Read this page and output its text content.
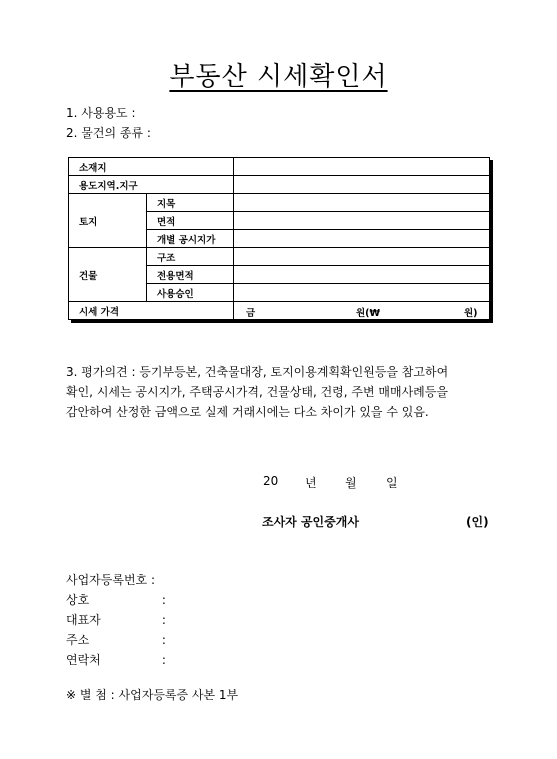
부동산 시세확인서
1. 사용용도 :
2. 물건의 종류 :
소재지		
용도지역.지구		
토지	지목	
	면적	
	개별 공시지가	
건물	구조	
	전용면적	
	사용승인	
시세 가격		금 원(₩ 원)
3. 평가의견 : 등기부등본, 건축물대장, 토지이용계획확인원등을 참고하여
확인, 시세는 공시지가, 주택공시가격, 건물상태, 건령, 주변 매매사례등을
감안하여 산정한 금액으로 실제 거래시에는 다소 차이가 있을 수 있음.
20 년 월 일
조사자 공인중개사	(인)
사업자등록번호 :
상호	:
대표자	:
주소	:
연락처	:
※ 별 첨 : 사업자등록증 사본 1부
